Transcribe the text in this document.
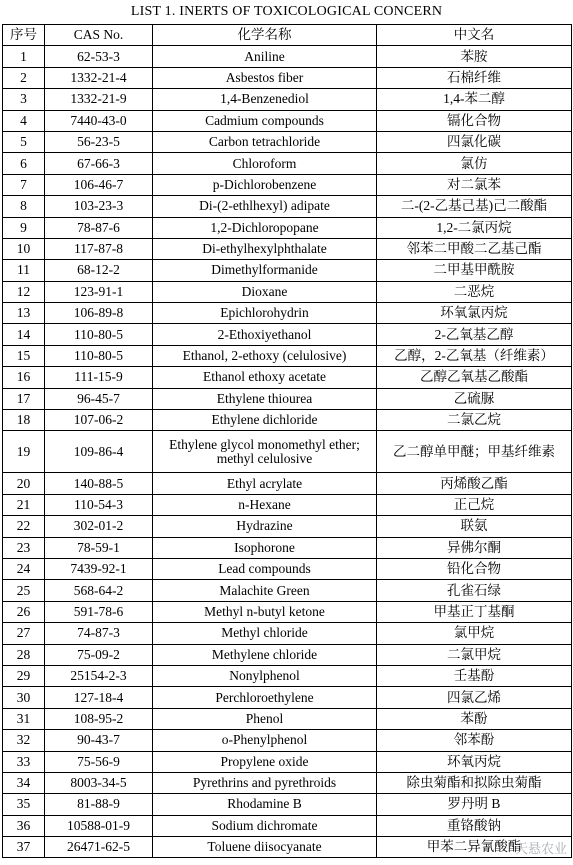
LIST 1. INERTS OF TOXICOLOGICAL CONCERN
序号	CAS No.	化学名称	中文名
1	62-53-3	Aniline	苯胺
2	1332-21-4	Asbestos fiber	石棉纤维
3	1332-21-9	1,4-Benzenediol	1,4-苯二醇
4	7440-43-0	Cadmium compounds	镉化合物
5	56-23-5	Carbon tetrachloride	四氯化碳
6	67-66-3	Chloroform	氯仿
7	106-46-7	p-Dichlorobenzene	对二氯苯
8	103-23-3	Di-(2-ethlhexyl) adipate	二-(2-乙基己基)己二酸酯
9	78-87-6	1,2-Dichloropopane	1,2-二氯丙烷
10	117-87-8	Di-ethylhexylphthalate	邻苯二甲酸二乙基己酯
11	68-12-2	Dimethylformanide	二甲基甲酰胺
12	123-91-1	Dioxane	二恶烷
13	106-89-8	Epichlorohydrin	环氧氯丙烷
14	110-80-5	2-Ethoxiyethanol	2-乙氧基乙醇
15	110-80-5	Ethanol, 2-ethoxy (celulosive)	乙醇，2-乙氧基（纤维素）
16	111-15-9	Ethanol ethoxy acetate	乙醇乙氧基乙酸酯
17	96-45-7	Ethylene thiourea	乙硫脲
18	107-06-2	Ethylene dichloride	二氯乙烷
19	109-86-4	Ethylene glycol monomethyl ether; methyl celulosive	乙二醇单甲醚；甲基纤维素
20	140-88-5	Ethyl acrylate	丙烯酸乙酯
21	110-54-3	n-Hexane	正己烷
22	302-01-2	Hydrazine	联氨
23	78-59-1	Isophorone	异佛尔酮
24	7439-92-1	Lead compounds	铅化合物
25	568-64-2	Malachite Green	孔雀石绿
26	591-78-6	Methyl n-butyl ketone	甲基正丁基酮
27	74-87-3	Methyl chloride	氯甲烷
28	75-09-2	Methylene chloride	二氯甲烷
29	25154-2-3	Nonylphenol	壬基酚
30	127-18-4	Perchloroethylene	四氯乙烯
31	108-95-2	Phenol	苯酚
32	90-43-7	o-Phenylphenol	邻苯酚
33	75-56-9	Propylene oxide	环氧丙烷
34	8003-34-5	Pyrethrins and pyrethroids	除虫菊酯和拟除虫菊酯
35	81-88-9	Rhodamine B	罗丹明 B
36	10588-01-9	Sodium dichromate	重铬酸钠
37	26471-62-5	Toluene diisocyanate	甲苯二异氰酸酯
天悬农业
